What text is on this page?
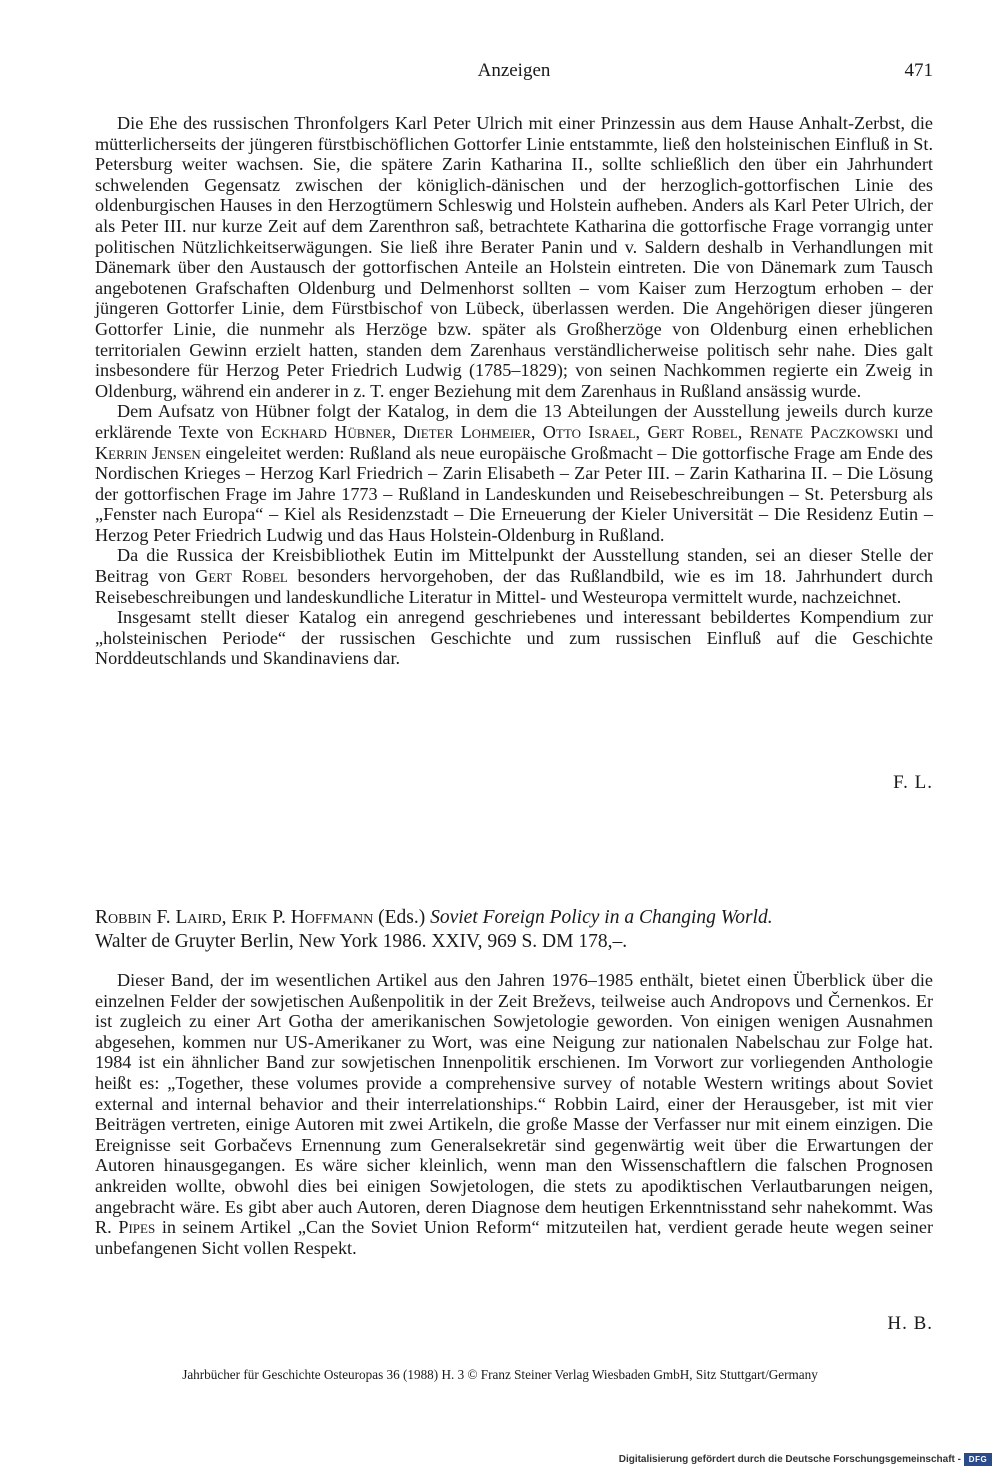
Anzeigen	471

Die Ehe des russischen Thronfolgers Karl Peter Ulrich mit einer Prinzessin aus dem Hause Anhalt-Zerbst, die mütterlicherseits der jüngeren fürstbischöflichen Gottorfer Linie entstammte, ließ den holsteinischen Einfluß in St. Petersburg weiter wachsen. Sie, die spätere Zarin Katharina II., sollte schließlich den über ein Jahrhundert schwelenden Gegensatz zwischen der königlich-dänischen und der herzoglich-gottorfischen Linie des oldenburgischen Hauses in den Herzogtümern Schleswig und Holstein aufheben. Anders als Karl Peter Ulrich, der als Peter III. nur kurze Zeit auf dem Zarenthron saß, betrachtete Katharina die gottorfische Frage vorrangig unter politischen Nützlichkeitserwägungen. Sie ließ ihre Berater Panin und v. Saldern deshalb in Verhandlungen mit Dänemark über den Austausch der gottorfischen Anteile an Holstein eintreten. Die von Dänemark zum Tausch angebotenen Grafschaften Oldenburg und Delmenhorst sollten – vom Kaiser zum Herzogtum erhoben – der jüngeren Gottorfer Linie, dem Fürstbischof von Lübeck, überlassen werden. Die Angehörigen dieser jüngeren Gottorfer Linie, die nunmehr als Herzöge bzw. später als Großherzöge von Oldenburg einen erheblichen territorialen Gewinn erzielt hatten, standen dem Zarenhaus verständlicherweise politisch sehr nahe. Dies galt insbesondere für Herzog Peter Friedrich Ludwig (1785–1829); von seinen Nachkommen regierte ein Zweig in Oldenburg, während ein anderer in z. T. enger Beziehung mit dem Zarenhaus in Rußland ansässig wurde.

Dem Aufsatz von Hübner folgt der Katalog, in dem die 13 Abteilungen der Ausstellung jeweils durch kurze erklärende Texte von Eckhard Hübner, Dieter Lohmeier, Otto Israel, Gert Robel, Renate Paczkowski und Kerrin Jensen eingeleitet werden: Rußland als neue europäische Großmacht – Die gottorfische Frage am Ende des Nordischen Krieges – Herzog Karl Friedrich – Zarin Elisabeth – Zar Peter III. – Zarin Katharina II. – Die Lösung der gottorfischen Frage im Jahre 1773 – Rußland in Landeskunden und Reisebeschreibungen – St. Petersburg als „Fenster nach Europa“ – Kiel als Residenzstadt – Die Erneuerung der Kieler Universität – Die Residenz Eutin – Herzog Peter Friedrich Ludwig und das Haus Holstein-Oldenburg in Rußland.

Da die Russica der Kreisbibliothek Eutin im Mittelpunkt der Ausstellung standen, sei an dieser Stelle der Beitrag von Gert Robel besonders hervorgehoben, der das Rußlandbild, wie es im 18. Jahrhundert durch Reisebeschreibungen und landeskundliche Literatur in Mittel- und Westeuropa vermittelt wurde, nachzeichnet.

Insgesamt stellt dieser Katalog ein anregend geschriebenes und interessant bebildertes Kompendium zur „holsteinischen Periode“ der russischen Geschichte und zum russischen Einfluß auf die Geschichte Norddeutschlands und Skandinaviens dar.

F. L.
Robbin F. Laird, Erik P. Hoffmann (Eds.) Soviet Foreign Policy in a Changing World.
Walter de Gruyter Berlin, New York 1986. XXIV, 969 S. DM 178,–.

Dieser Band, der im wesentlichen Artikel aus den Jahren 1976–1985 enthält, bietet einen Überblick über die einzelnen Felder der sowjetischen Außenpolitik in der Zeit Breževs, teilweise auch Andropovs und Černenkos. Er ist zugleich zu einer Art Gotha der amerikanischen Sowjetologie geworden. Von einigen wenigen Ausnahmen abgesehen, kommen nur US-Amerikaner zu Wort, was eine Neigung zur nationalen Nabelschau zur Folge hat. 1984 ist ein ähnlicher Band zur sowjetischen Innenpolitik erschienen. Im Vorwort zur vorliegenden Anthologie heißt es: „Together, these volumes provide a comprehensive survey of notable Western writings about Soviet external and internal behavior and their interrelationships.“ Robbin Laird, einer der Herausgeber, ist mit vier Beiträgen vertreten, einige Autoren mit zwei Artikeln, die große Masse der Verfasser nur mit einem einzigen. Die Ereignisse seit Gorbačevs Ernennung zum Generalsekretär sind gegenwärtig weit über die Erwartungen der Autoren hinausgegangen. Es wäre sicher kleinlich, wenn man den Wissenschaftlern die falschen Prognosen ankreiden wollte, obwohl dies bei einigen Sowjetologen, die stets zu apodiktischen Verlautbarungen neigen, angebracht wäre. Es gibt aber auch Autoren, deren Diagnose dem heutigen Erkenntnisstand sehr nahekommt. Was R. Pipes in seinem Artikel „Can the Soviet Union Reform“ mitzuteilen hat, verdient gerade heute wegen seiner unbefangenen Sicht vollen Respekt.

H. B.
Jahrbücher für Geschichte Osteuropas 36 (1988) H. 3 © Franz Steiner Verlag Wiesbaden GmbH, Sitz Stuttgart/Germany
Digitalisierung gefördert durch die Deutsche Forschungsgemeinschaft - DFG
